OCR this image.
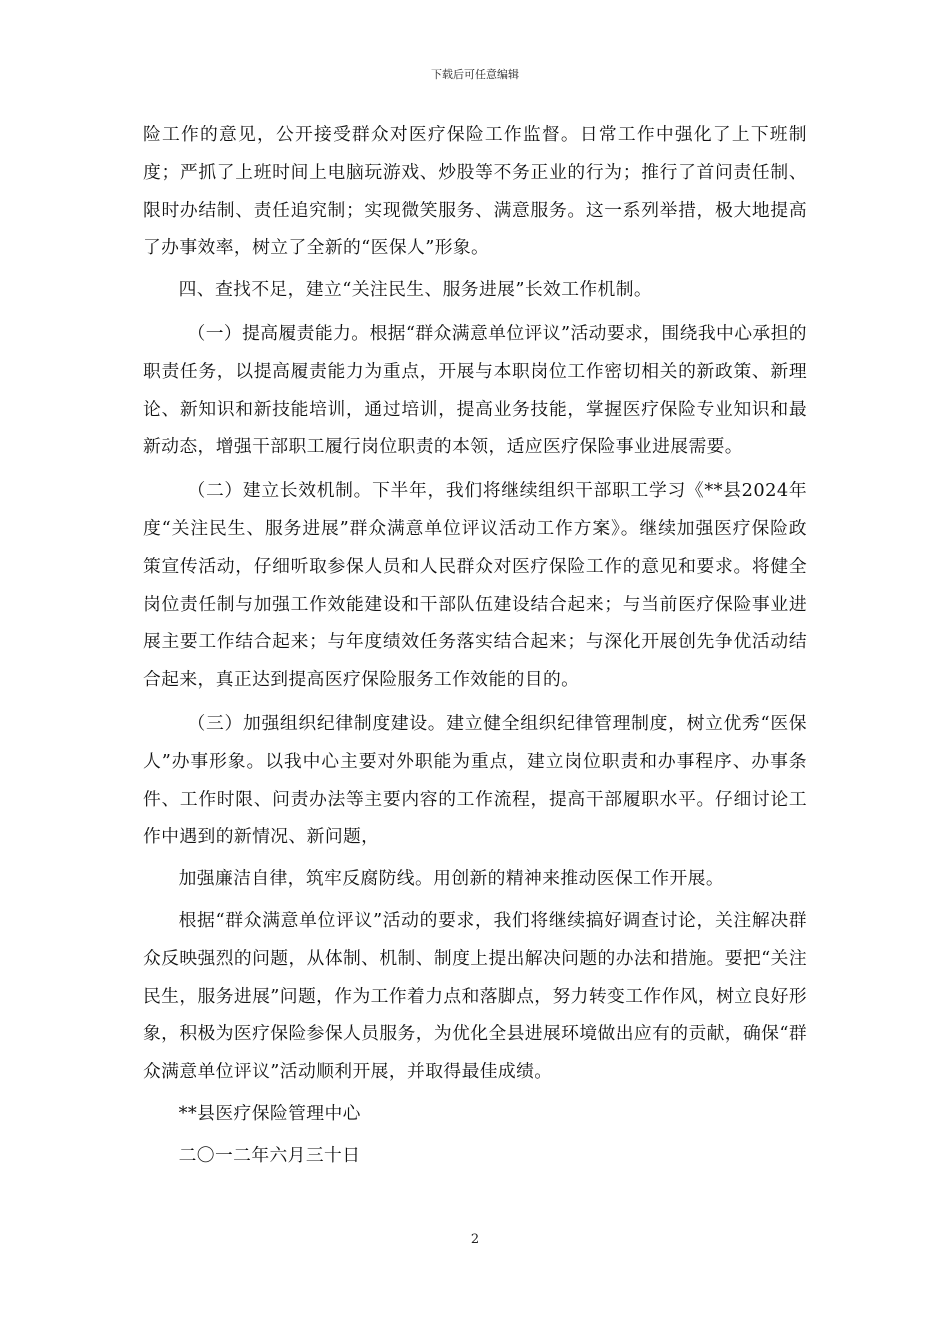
下载后可任意编辑

险工作的意见，公开接受群众对医疗保险工作监督。日常工作中强化了上下班制度；严抓了上班时间上电脑玩游戏、炒股等不务正业的行为；推行了首问责任制、限时办结制、责任追究制；实现微笑服务、满意服务。这一系列举措，极大地提高了办事效率，树立了全新的“医保人”形象。

四、查找不足，建立“关注民生、服务进展”长效工作机制。

（一）提高履责能力。根据“群众满意单位评议”活动要求，围绕我中心承担的职责任务，以提高履责能力为重点，开展与本职岗位工作密切相关的新政策、新理论、新知识和新技能培训，通过培训，提高业务技能，掌握医疗保险专业知识和最新动态，增强干部职工履行岗位职责的本领，适应医疗保险事业进展需要。

（二）建立长效机制。下半年，我们将继续组织干部职工学习《**县2024年度“关注民生、服务进展”群众满意单位评议活动工作方案》。继续加强医疗保险政策宣传活动，仔细听取参保人员和人民群众对医疗保险工作的意见和要求。将健全岗位责任制与加强工作效能建设和干部队伍建设结合起来；与当前医疗保险事业进展主要工作结合起来；与年度绩效任务落实结合起来；与深化开展创先争优活动结合起来，真正达到提高医疗保险服务工作效能的目的。

（三）加强组织纪律制度建设。建立健全组织纪律管理制度，树立优秀“医保人”办事形象。以我中心主要对外职能为重点，建立岗位职责和办事程序、办事条件、工作时限、问责办法等主要内容的工作流程，提高干部履职水平。仔细讨论工作中遇到的新情况、新问题，

加强廉洁自律，筑牢反腐防线。用创新的精神来推动医保工作开展。

根据“群众满意单位评议”活动的要求，我们将继续搞好调查讨论，关注解决群众反映强烈的问题，从体制、机制、制度上提出解决问题的办法和措施。要把“关注民生，服务进展”问题，作为工作着力点和落脚点，努力转变工作作风，树立良好形象，积极为医疗保险参保人员服务，为优化全县进展环境做出应有的贡献，确保“群众满意单位评议”活动顺利开展，并取得最佳成绩。

**县医疗保险管理中心

二〇一二年六月三十日

2
